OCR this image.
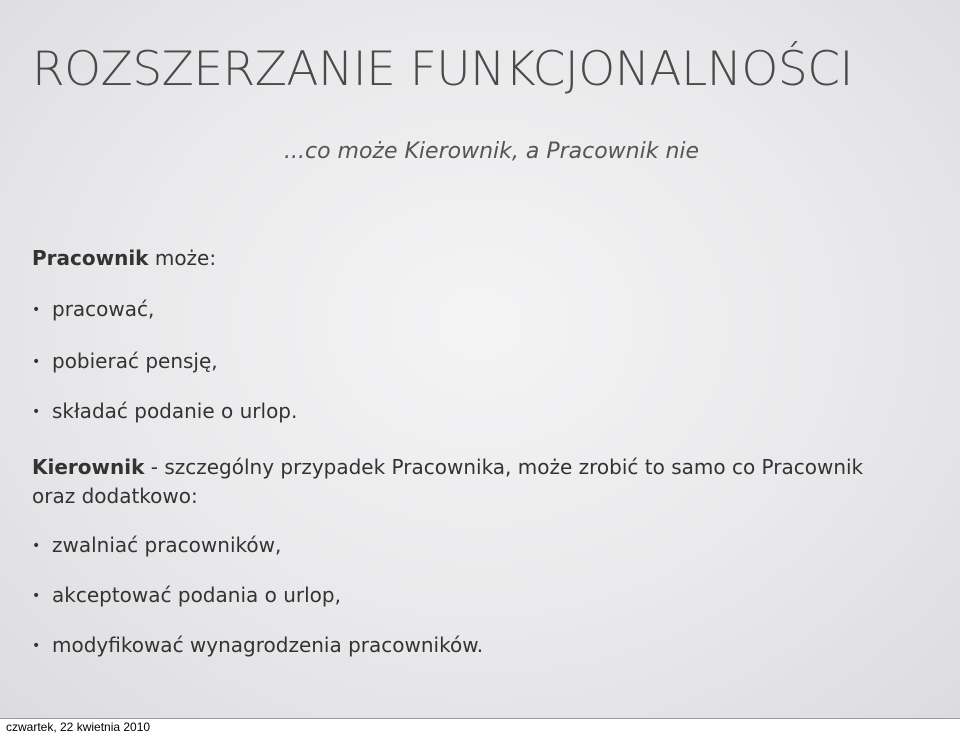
ROZSZERZANIE FUNKCJONALNOŚCI
...co może Kierownik, a Pracownik nie
Pracownik może:
• pracować,
• pobierać pensję,
• składać podanie o urlop.
Kierownik - szczególny przypadek Pracownika, może zrobić to samo co Pracownik oraz dodatkowo:
• zwalniać pracowników,
• akceptować podania o urlop,
• modyfikować wynagrodzenia pracowników.
czwartek, 22 kwietnia 2010
